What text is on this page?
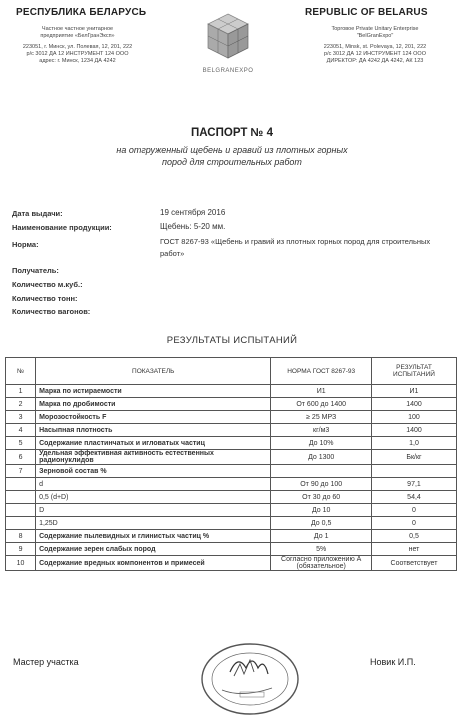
РЕСПУБЛИКА БЕЛАРУСЬ
Частное частное унитарное
предприятие «БелГранЭксп»
223051, г. Минск, ул. Полевая, 12, 201, 222
р/с 3012 ДА 12 ИНСТРУМЕНТ 124 ООО
адрес: г. Минск, 1234 ДА 4242
BELGRANEXPO
REPUBLIC OF BELARUS
Toрговое Private Unitary Enterprise
"BelGranExpo"
223051, Minsk, st. Polevaya, 12, 201, 222
р/с 3012 ДА 12 ИНСТРУМЕНТ 124 ООО
ДИРЕКТОР: ДА 4242 ДА 4242, АК 123
ПАСПОРТ № 4
на отгруженный щебень и гравий из плотных горных
пород для строительных работ
Дата выдачи:	19 сентября 2016
Наименование продукции:	Щебень: 5-20 мм.
Норма:	ГОСТ 8267-93 «Щебень и гравий из плотных горных пород для строительных работ»
Получатель:
Количество м.куб.:
Количество тонн:
Количество вагонов:
РЕЗУЛЬТАТЫ ИСПЫТАНИЙ
№	ПОКАЗАТЕЛЬ	НОРМА ГОСТ 8267-93	РЕЗУЛЬТАТ ИСПЫТАНИЙ
1	Марка по истираемости	И1	И1
2	Марка по дробимости	От 600 до 1400	1400
3	Морозостойкость F	≥ 25 МРЗ	100
4	Насыпная плотность	кг/м3	1400
5	Содержание пластинчатых и игловатых частиц	До 10%	1,0
6	Удельная эффективная активность естественных радионуклидов	До 1300	Бк/кг
7	Зерновой состав %		
	d	От 90 до 100	97,1
	0,5 (d+D)	От 30 до 60	54,4
	D	До 10	0
	1,25D	До 0,5	0
8	Содержание пылевидных и глинистых частиц %	До 1	0,5
9	Содержание зерен слабых пород	5%	нет
10	Содержание вредных компонентов и примесей	Согласно приложению А (обязательное)	Соответствует
Мастер участка	Новик И.П.
